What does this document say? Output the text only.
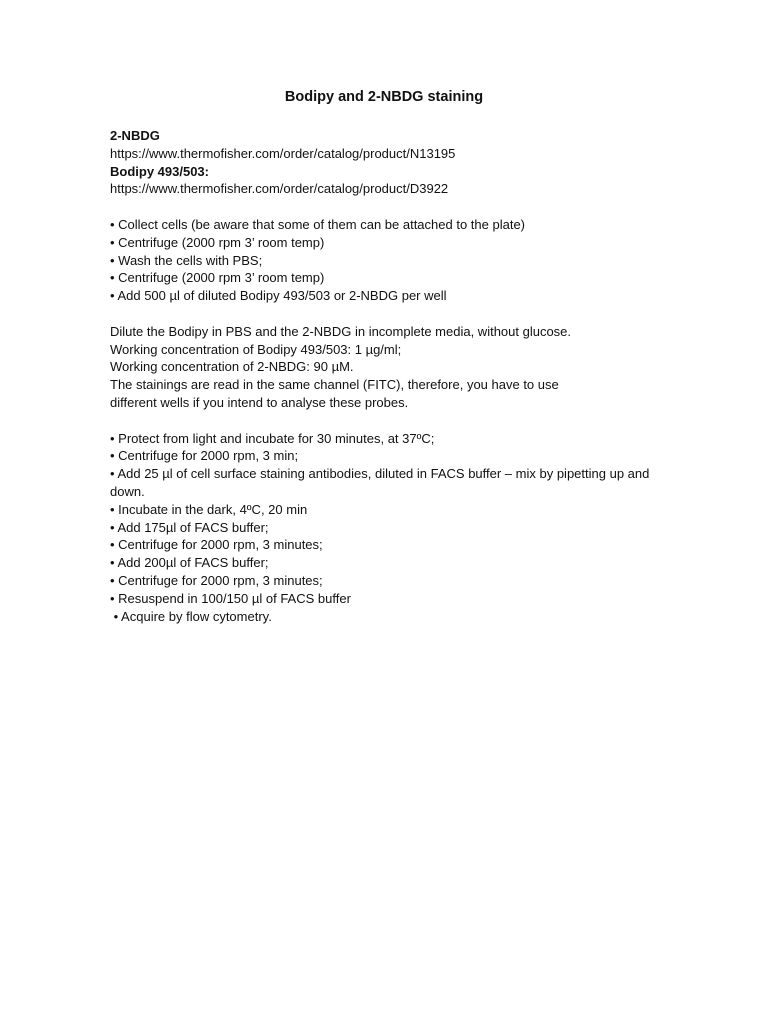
Bodipy and 2-NBDG staining
2-NBDG
https://www.thermofisher.com/order/catalog/product/N13195
Bodipy 493/503:
https://www.thermofisher.com/order/catalog/product/D3922
• Collect cells (be aware that some of them can be attached to the plate)
• Centrifuge (2000 rpm 3’ room temp)
• Wash the cells with PBS;
• Centrifuge (2000 rpm 3’ room temp)
• Add 500 µl of diluted Bodipy 493/503 or 2-NBDG per well
Dilute the Bodipy in PBS and the 2-NBDG in incomplete media, without glucose.
Working concentration of Bodipy 493/503: 1 µg/ml;
Working concentration of 2-NBDG: 90 µM.
The stainings are read in the same channel (FITC), therefore, you have to use different wells if you intend to analyse these probes.
• Protect from light and incubate for 30 minutes, at 37ºC;
• Centrifuge for 2000 rpm, 3 min;
• Add 25 µl of cell surface staining antibodies, diluted in FACS buffer – mix by pipetting up and down.
• Incubate in the dark, 4ºC, 20 min
• Add 175µl of FACS buffer;
• Centrifuge for 2000 rpm, 3 minutes;
• Add 200µl of FACS buffer;
• Centrifuge for 2000 rpm, 3 minutes;
• Resuspend in 100/150 µl of FACS buffer
• Acquire by flow cytometry.
